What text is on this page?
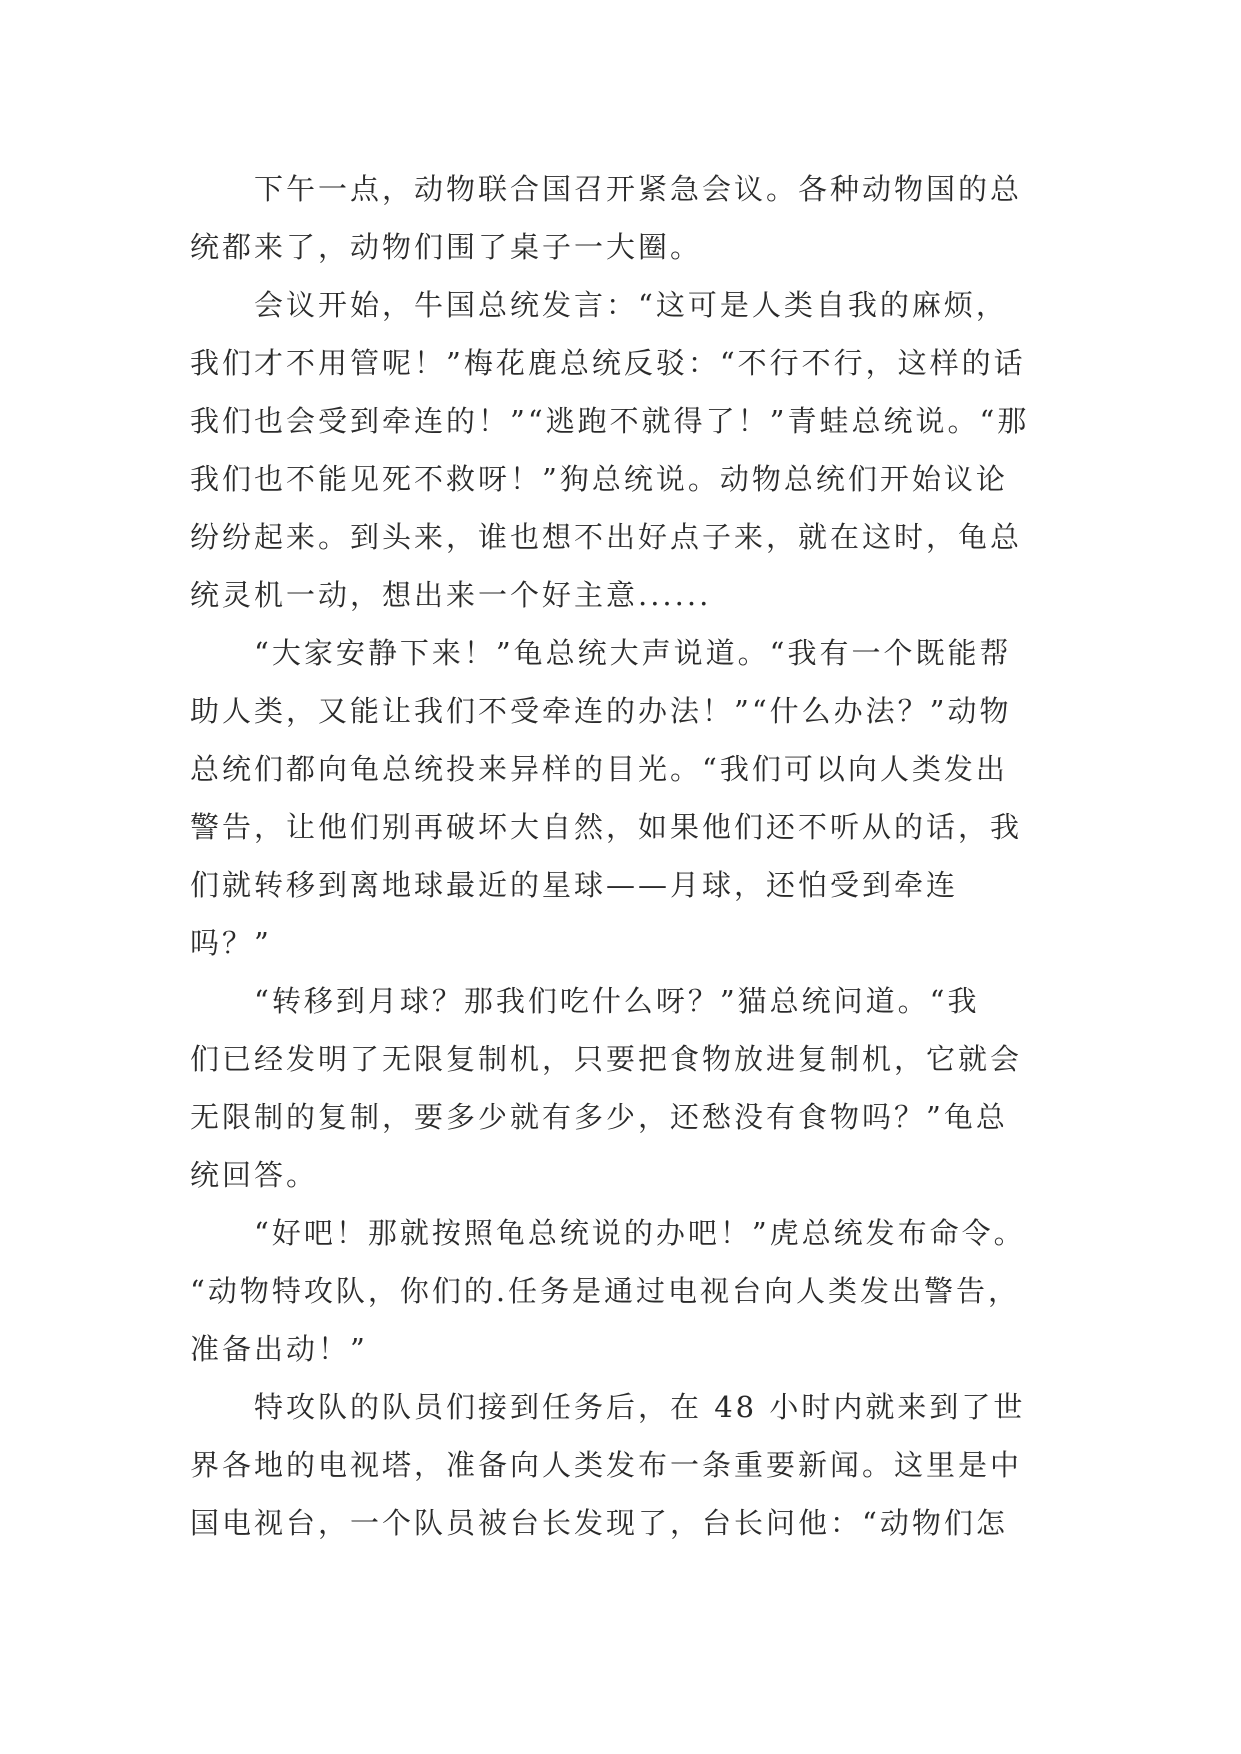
下午一点，动物联合国召开紧急会议。各种动物国的总
统都来了，动物们围了桌子一大圈。
会议开始，牛国总统发言：“这可是人类自我的麻烦，
我们才不用管呢！”梅花鹿总统反驳：“不行不行，这样的话
我们也会受到牵连的！”“逃跑不就得了！”青蛙总统说。“那
我们也不能见死不救呀！”狗总统说。动物总统们开始议论
纷纷起来。到头来，谁也想不出好点子来，就在这时，龟总
统灵机一动，想出来一个好主意......
“大家安静下来！”龟总统大声说道。“我有一个既能帮
助人类，又能让我们不受牵连的办法！”“什么办法？”动物
总统们都向龟总统投来异样的目光。“我们可以向人类发出
警告，让他们别再破坏大自然，如果他们还不听从的话，我
们就转移到离地球最近的星球——月球，还怕受到牵连
吗？”
“转移到月球？那我们吃什么呀？”猫总统问道。“我
们已经发明了无限复制机，只要把食物放进复制机，它就会
无限制的复制，要多少就有多少，还愁没有食物吗？”龟总
统回答。
“好吧！那就按照龟总统说的办吧！”虎总统发布命令。
“动物特攻队，你们的.任务是通过电视台向人类发出警告，
准备出动！”
特攻队的队员们接到任务后，在 48 小时内就来到了世
界各地的电视塔，准备向人类发布一条重要新闻。这里是中
国电视台，一个队员被台长发现了，台长问他：“动物们怎
